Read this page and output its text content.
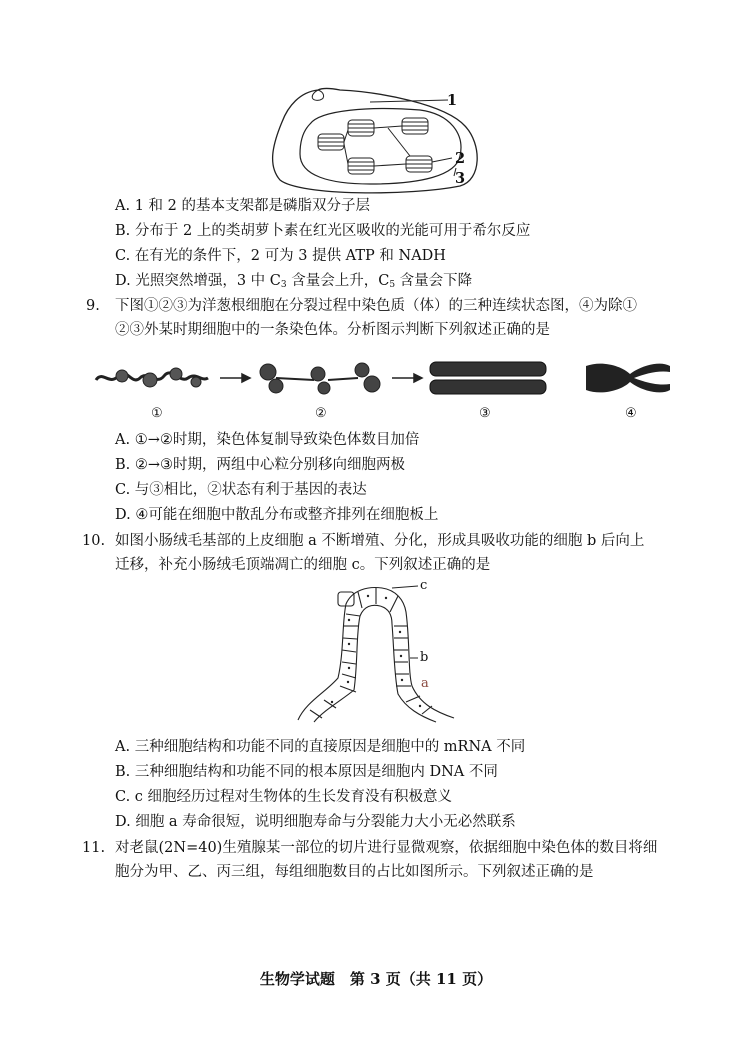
1
2
3
A. 1 和 2 的基本支架都是磷脂双分子层
B. 分布于 2 上的类胡萝卜素在红光区吸收的光能可用于希尔反应
C. 在有光的条件下，2 可为 3 提供 ATP 和 NADH
D. 光照突然增强，3 中 $C_3$ 含量会上升，$C_5$ 含量会下降
9. 下图①②③为洋葱根细胞在分裂过程中染色质（体）的三种连续状态图，④为除①
②③外某时期细胞中的一条染色体。分析图示判断下列叙述正确的是
①	②	③	④
A. ①→②时期，染色体复制导致染色体数目加倍
B. ②→③时期，两组中心粒分别移向细胞两极
C. 与③相比，②状态有利于基因的表达
D. ④可能在细胞中散乱分布或整齐排列在细胞板上
10. 如图小肠绒毛基部的上皮细胞 a 不断增殖、分化，形成具吸收功能的细胞 b 后向上
迁移，补充小肠绒毛顶端凋亡的细胞 c。下列叙述正确的是
c
b
a
A. 三种细胞结构和功能不同的直接原因是细胞中的 mRNA 不同
B. 三种细胞结构和功能不同的根本原因是细胞内 DNA 不同
C. c 细胞经历过程对生物体的生长发育没有积极意义
D. 细胞 a 寿命很短，说明细胞寿命与分裂能力大小无必然联系
11. 对老鼠(2N=40)生殖腺某一部位的切片进行显微观察，依据细胞中染色体的数目将细
胞分为甲、乙、丙三组，每组细胞数目的占比如图所示。下列叙述正确的是
生物学试题　第 3 页（共 11 页）
